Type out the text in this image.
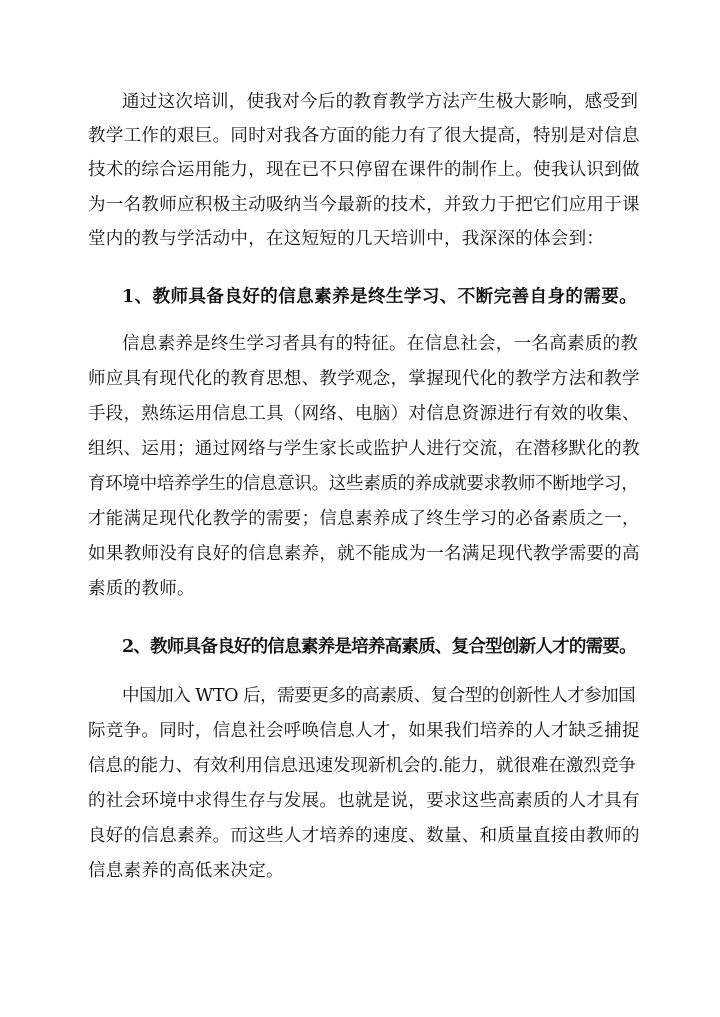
通过这次培训，使我对今后的教育教学方法产生极大影响，感受到
教学工作的艰巨。同时对我各方面的能力有了很大提高，特别是对信息
技术的综合运用能力，现在已不只停留在课件的制作上。使我认识到做
为一名教师应积极主动吸纳当今最新的技术，并致力于把它们应用于课
堂内的教与学活动中，在这短短的几天培训中，我深深的体会到：
1、教师具备良好的信息素养是终生学习、不断完善自身的需要。
信息素养是终生学习者具有的特征。在信息社会，一名高素质的教
师应具有现代化的教育思想、教学观念，掌握现代化的教学方法和教学
手段，熟练运用信息工具（网络、电脑）对信息资源进行有效的收集、
组织、运用；通过网络与学生家长或监护人进行交流，在潜移默化的教
育环境中培养学生的信息意识。这些素质的养成就要求教师不断地学习，
才能满足现代化教学的需要；信息素养成了终生学习的必备素质之一，
如果教师没有良好的信息素养，就不能成为一名满足现代教学需要的高
素质的教师。
2、教师具备良好的信息素养是培养高素质、复合型创新人才的需要。
中国加入 WTO 后，需要更多的高素质、复合型的创新性人才参加国
际竞争。同时，信息社会呼唤信息人才，如果我们培养的人才缺乏捕捉
信息的能力、有效利用信息迅速发现新机会的.能力，就很难在激烈竞争
的社会环境中求得生存与发展。也就是说，要求这些高素质的人才具有
良好的信息素养。而这些人才培养的速度、数量、和质量直接由教师的
信息素养的高低来决定。
